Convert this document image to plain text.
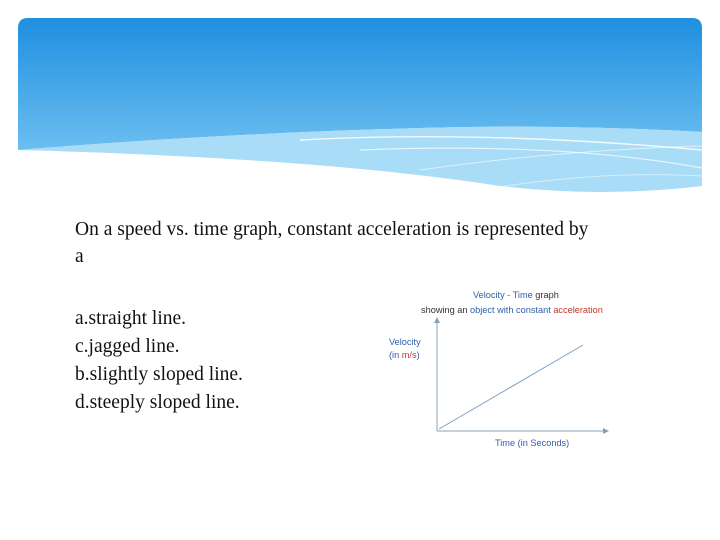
On a speed vs. time graph, constant acceleration is represented by a
a.straight line.
c.jagged line.
b.slightly sloped line.
d.steeply sloped line.
Velocity - Time graph
showing an object with constant acceleration
Velocity
(in m/s)
Time (in Seconds)
